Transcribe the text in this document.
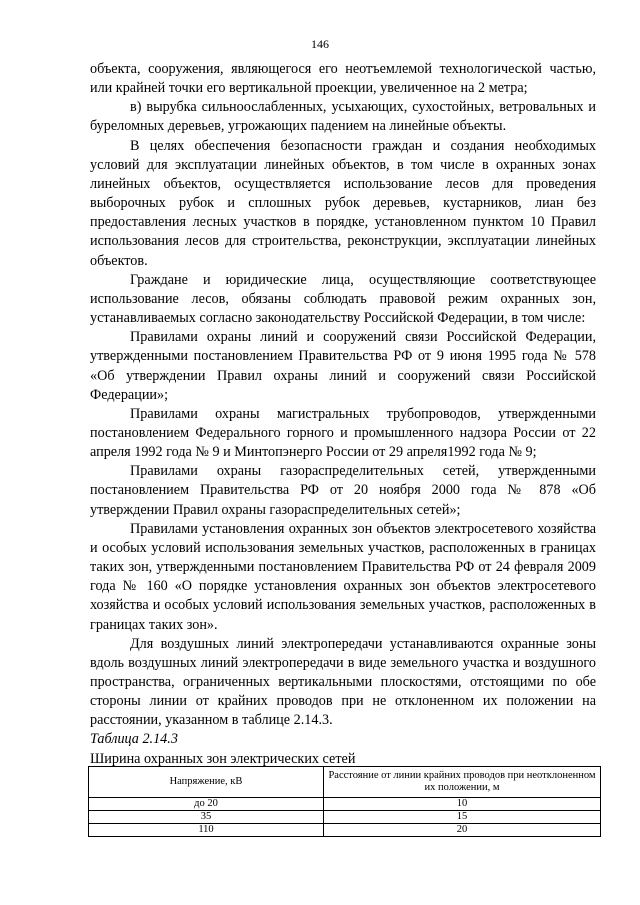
146

объекта, сооружения, являющегося его неотъемлемой технологической частью, или крайней точки его вертикальной проекции, увеличенное на 2 метра;

в) вырубка сильноослабленных, усыхающих, сухостойных, ветровальных и буреломных деревьев, угрожающих падением на линейные объекты.

В целях обеспечения безопасности граждан и создания необходимых условий для эксплуатации линейных объектов, в том числе в охранных зонах линейных объектов, осуществляется использование лесов для проведения выборочных рубок и сплошных рубок деревьев, кустарников, лиан без предоставления лесных участков в порядке, установленном пунктом 10 Правил использования лесов для строительства, реконструкции, эксплуатации линейных объектов.

Граждане и юридические лица, осуществляющие соответствующее использование лесов, обязаны соблюдать правовой режим охранных зон, устанавливаемых согласно законодательству Российской Федерации, в том числе:

Правилами охраны линий и сооружений связи Российской Федерации, утвержденными постановлением Правительства РФ от 9 июня 1995 года № 578 «Об утверждении Правил охраны линий и сооружений связи Российской Федерации»;

Правилами охраны магистральных трубопроводов, утвержденными постановлением Федерального горного и промышленного надзора России от 22 апреля 1992 года № 9 и Минтопэнерго России от 29 апреля1992 года № 9;

Правилами охраны газораспределительных сетей, утвержденными постановлением Правительства РФ от 20 ноября 2000 года № 878 «Об утверждении Правил охраны газораспределительных сетей»;

Правилами установления охранных зон объектов электросетевого хозяйства и особых условий использования земельных участков, расположенных в границах таких зон, утвержденными постановлением Правительства РФ от 24 февраля 2009 года № 160 «О порядке установления охранных зон объектов электросетевого хозяйства и особых условий использования земельных участков, расположенных в границах таких зон».

Для воздушных линий электропередачи устанавливаются охранные зоны вдоль воздушных линий электропередачи в виде земельного участка и воздушного пространства, ограниченных вертикальными плоскостями, отстоящими по обе стороны линии от крайних проводов при не отклоненном их положении на расстоянии, указанном в таблице 2.14.3.

Таблица 2.14.3

Ширина охранных зон электрических сетей

Напряжение, кВ	Расстояние от линии крайних проводов при неотклоненном их положении, м
до 20	10
35	15
110	20
